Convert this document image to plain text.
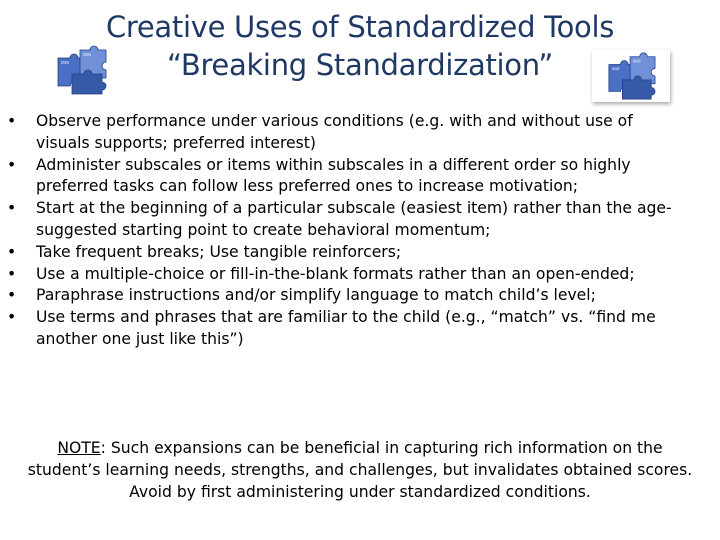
Creative Uses of Standardized Tools
“Breaking Standardization”
• Observe performance under various conditions (e.g. with and without use of
visuals supports; preferred interest)
• Administer subscales or items within subscales in a different order so highly
preferred tasks can follow less preferred ones to increase motivation;
• Start at the beginning of a particular subscale (easiest item) rather than the age-
suggested starting point to create behavioral momentum;
• Take frequent breaks; Use tangible reinforcers;
• Use a multiple-choice or fill-in-the-blank formats rather than an open-ended;
• Paraphrase instructions and/or simplify language to match child’s level;
• Use terms and phrases that are familiar to the child (e.g., “match” vs. “find me
another one just like this”)
NOTE: Such expansions can be beneficial in capturing rich information on the
student’s learning needs, strengths, and challenges, but invalidates obtained scores.
Avoid by first administering under standardized conditions.
